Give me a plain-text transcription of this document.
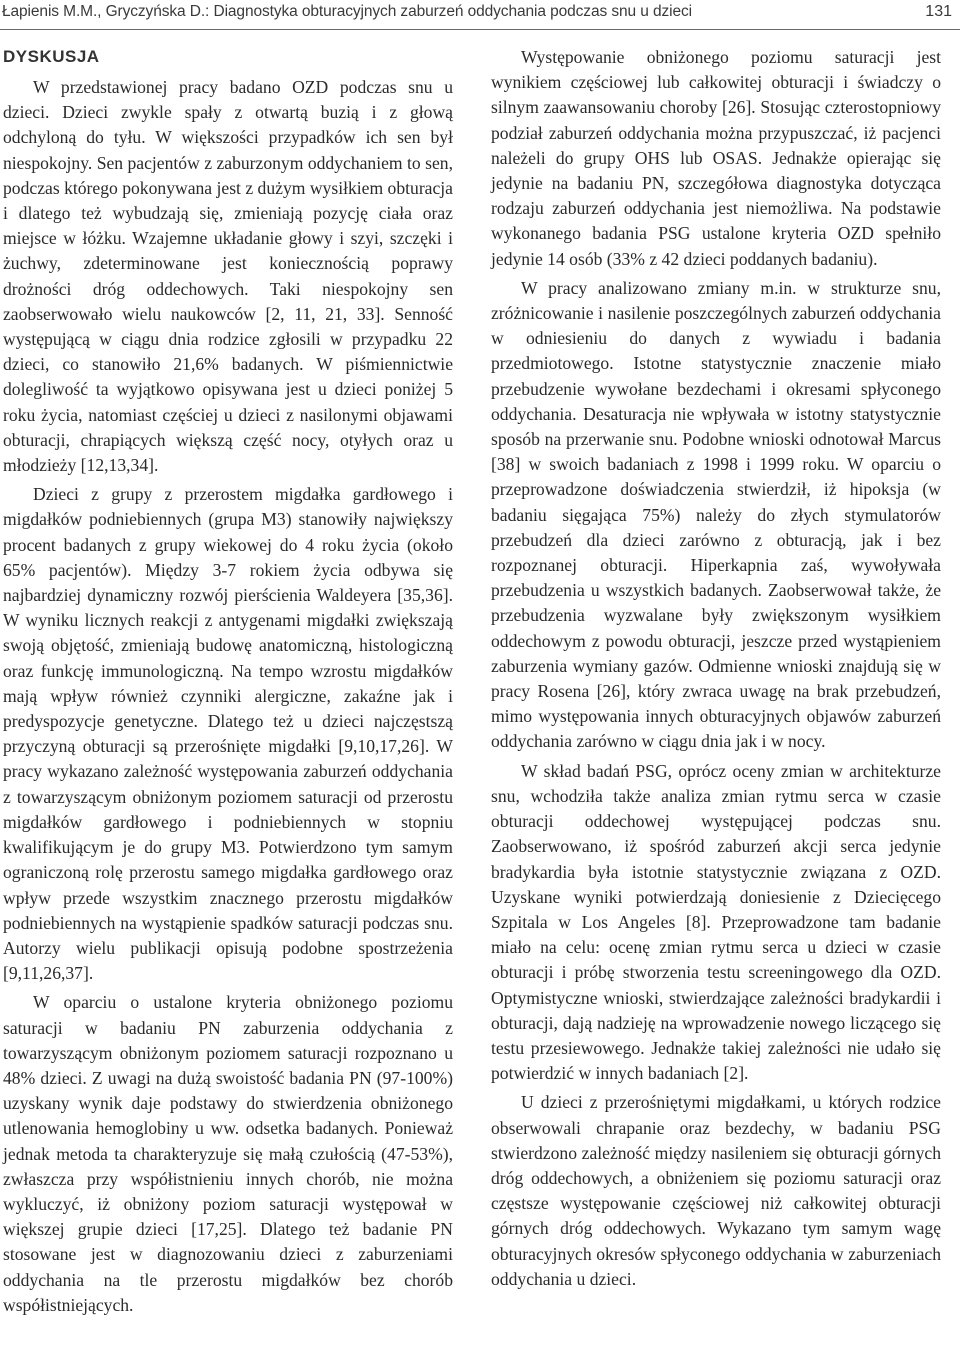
Łapienis M.M., Gryczyńska D.: Diagnostyka obturacyjnych zaburzeń oddychania podczas snu u dzieci	131
DYSKUSJA

W przedstawionej pracy badano OZD podczas snu u dzieci. Dzieci zwykle spały z otwartą buzią i z głową odchyloną do tyłu. W większości przypadków ich sen był niespokojny. Sen pacjentów z zaburzonym oddychaniem to sen, podczas którego pokonywana jest z dużym wysiłkiem obturacja i dlatego też wybudzają się, zmieniają pozycję ciała oraz miejsce w łóżku. Wzajemne układanie głowy i szyi, szczęki i żuchwy, zdeterminowane jest koniecznością poprawy drożności dróg oddechowych. Taki niespokojny sen zaobserwowało wielu naukowców [2, 11, 21, 33]. Senność występującą w ciągu dnia rodzice zgłosili w przypadku 22 dzieci, co stanowiło 21,6% badanych. W piśmiennictwie dolegliwość ta wyjątkowo opisywana jest u dzieci poniżej 5 roku życia, natomiast częściej u dzieci z nasilonymi objawami obturacji, chrapiących większą część nocy, otyłych oraz u młodzieży [12,13,34].

Dzieci z grupy z przerostem migdałka gardłowego i migdałków podniebiennych (grupa M3) stanowiły największy procent badanych z grupy wiekowej do 4 roku życia (około 65% pacjentów). Między 3-7 rokiem życia odbywa się najbardziej dynamiczny rozwój pierścienia Waldeyera [35,36]. W wyniku licznych reakcji z antygenami migdałki zwiększają swoją objętość, zmieniają budowę anatomiczną, histologiczną oraz funkcję immunologiczną. Na tempo wzrostu migdałków mają wpływ również czynniki alergiczne, zakaźne jak i predyspozycje genetyczne. Dlatego też u dzieci najczęstszą przyczyną obturacji są przerośnięte migdałki [9,10,17,26]. W pracy wykazano zależność występowania zaburzeń oddychania z towarzyszącym obniżonym poziomem saturacji od przerostu migdałków gardłowego i podniebiennych w stopniu kwalifikującym je do grupy M3. Potwierdzono tym samym ograniczoną rolę przerostu samego migdałka gardłowego oraz wpływ przede wszystkim znacznego przerostu migdałków podniebiennych na wystąpienie spadków saturacji podczas snu. Autorzy wielu publikacji opisują podobne spostrzeżenia [9,11,26,37].

W oparciu o ustalone kryteria obniżonego poziomu saturacji w badaniu PN zaburzenia oddychania z towarzyszącym obniżonym poziomem saturacji rozpoznano u 48% dzieci. Z uwagi na dużą swoistość badania PN (97-100%) uzyskany wynik daje podstawy do stwierdzenia obniżonego utlenowania hemoglobiny u ww. odsetka badanych. Ponieważ jednak metoda ta charakteryzuje się małą czułością (47-53%), zwłaszcza przy współistnieniu innych chorób, nie można wykluczyć, iż obniżony poziom saturacji występował w większej grupie dzieci [17,25]. Dlatego też badanie PN stosowane jest w diagnozowaniu dzieci z zaburzeniami oddychania na tle przerostu migdałków bez chorób współistniejących.

Występowanie obniżonego poziomu saturacji jest wynikiem częściowej lub całkowitej obturacji i świadczy o silnym zaawansowaniu choroby [26]. Stosując czterostopniowy podział zaburzeń oddychania można przypuszczać, iż pacjenci należeli do grupy OHS lub OSAS. Jednakże opierając się jedynie na badaniu PN, szczegółowa diagnostyka dotycząca rodzaju zaburzeń oddychania jest niemożliwa. Na podstawie wykonanego badania PSG ustalone kryteria OZD spełniło jedynie 14 osób (33% z 42 dzieci poddanych badaniu).

W pracy analizowano zmiany m.in. w strukturze snu, zróżnicowanie i nasilenie poszczególnych zaburzeń oddychania w odniesieniu do danych z wywiadu i badania przedmiotowego. Istotne statystycznie znaczenie miało przebudzenie wywołane bezdechami i okresami spłyconego oddychania. Desaturacja nie wpływała w istotny statystycznie sposób na przerwanie snu. Podobne wnioski odnotował Marcus [38] w swoich badaniach z 1998 i 1999 roku. W oparciu o przeprowadzone doświadczenia stwierdził, iż hipoksja (w badaniu sięgająca 75%) należy do złych stymulatorów przebudzeń dla dzieci zarówno z obturacją, jak i bez rozpoznanej obturacji. Hiperkapnia zaś, wywoływała przebudzenia u wszystkich badanych. Zaobserwował także, że przebudzenia wyzwalane były zwiększonym wysiłkiem oddechowym z powodu obturacji, jeszcze przed wystąpieniem zaburzenia wymiany gazów. Odmienne wnioski znajdują się w pracy Rosena [26], który zwraca uwagę na brak przebudzeń, mimo występowania innych obturacyjnych objawów zaburzeń oddychania zarówno w ciągu dnia jak i w nocy.

W skład badań PSG, oprócz oceny zmian w architekturze snu, wchodziła także analiza zmian rytmu serca w czasie obturacji oddechowej występującej podczas snu. Zaobserwowano, iż spośród zaburzeń akcji serca jedynie bradykardia była istotnie statystycznie związana z OZD. Uzyskane wyniki potwierdzają doniesienie z Dziecięcego Szpitala w Los Angeles [8]. Przeprowadzone tam badanie miało na celu: ocenę zmian rytmu serca u dzieci w czasie obturacji i próbę stworzenia testu screeningowego dla OZD. Optymistyczne wnioski, stwierdzające zależności bradykardii i obturacji, dają nadzieję na wprowadzenie nowego liczącego się testu przesiewowego. Jednakże takiej zależności nie udało się potwierdzić w innych badaniach [2].

U dzieci z przerośniętymi migdałkami, u których rodzice obserwowali chrapanie oraz bezdechy, w badaniu PSG stwierdzono zależność między nasileniem się obturacji górnych dróg oddechowych, a obniżeniem się poziomu saturacji oraz częstsze występowanie częściowej niż całkowitej obturacji górnych dróg oddechowych. Wykazano tym samym wagę obturacyjnych okresów spłyconego oddychania w zaburzeniach oddychania u dzieci.
